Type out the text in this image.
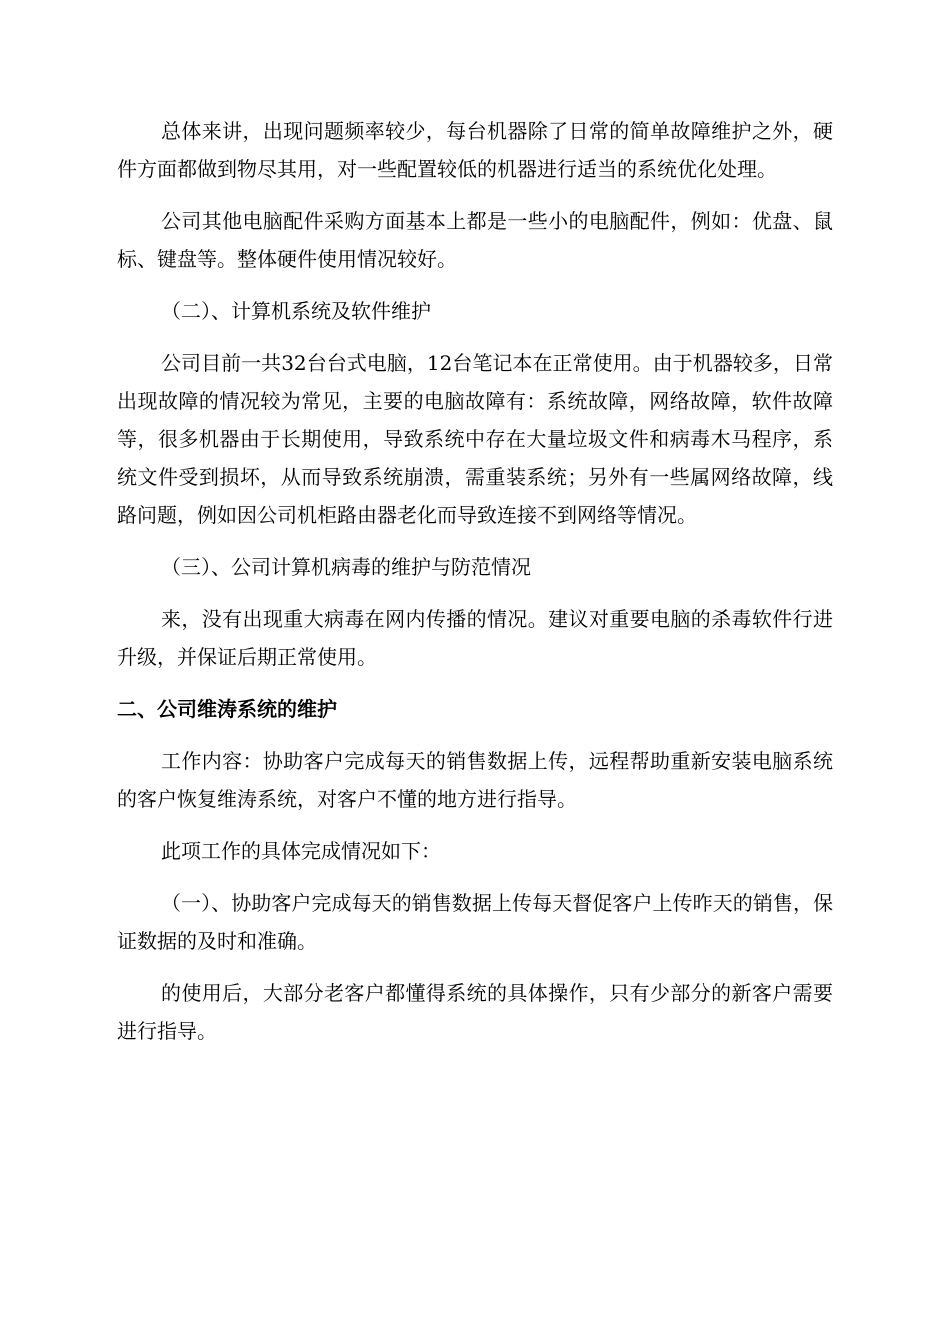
总体来讲，出现问题频率较少，每台机器除了日常的简单故障维护之外，硬件方面都做到物尽其用，对一些配置较低的机器进行适当的系统优化处理。

公司其他电脑配件采购方面基本上都是一些小的电脑配件，例如：优盘、鼠标、键盘等。整体硬件使用情况较好。

（二）、计算机系统及软件维护

公司目前一共32台台式电脑，12台笔记本在正常使用。由于机器较多，日常出现故障的情况较为常见，主要的电脑故障有：系统故障，网络故障，软件故障等，很多机器由于长期使用，导致系统中存在大量垃圾文件和病毒木马程序，系统文件受到损坏，从而导致系统崩溃，需重装系统；另外有一些属网络故障，线路问题，例如因公司机柜路由器老化而导致连接不到网络等情况。

（三）、公司计算机病毒的维护与防范情况

来，没有出现重大病毒在网内传播的情况。建议对重要电脑的杀毒软件行进升级，并保证后期正常使用。

二、公司维涛系统的维护

工作内容：协助客户完成每天的销售数据上传，远程帮助重新安装电脑系统的客户恢复维涛系统，对客户不懂的地方进行指导。

此项工作的具体完成情况如下：

（一）、协助客户完成每天的销售数据上传每天督促客户上传昨天的销售，保证数据的及时和准确。

的使用后，大部分老客户都懂得系统的具体操作，只有少部分的新客户需要进行指导。
